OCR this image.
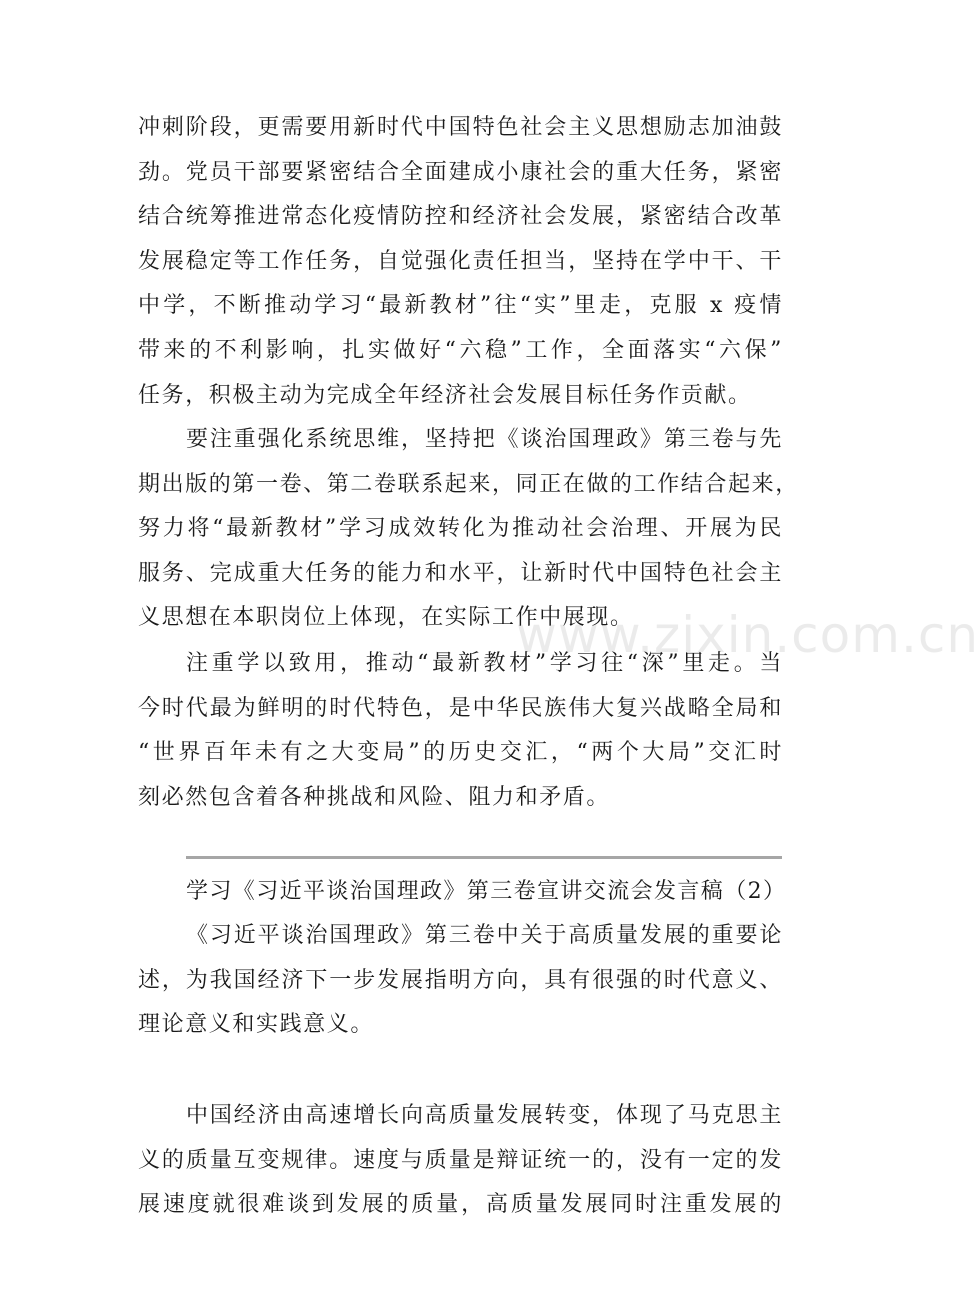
冲刺阶段，更需要用新时代中国特色社会主义思想励志加油鼓
劲。党员干部要紧密结合全面建成小康社会的重大任务，紧密
结合统筹推进常态化疫情防控和经济社会发展，紧密结合改革
发展稳定等工作任务，自觉强化责任担当，坚持在学中干、干
中学，不断推动学习“最新教材”往“实”里走，克服 x 疫情
带来的不利影响，扎实做好“六稳”工作，全面落实“六保”
任务，积极主动为完成全年经济社会发展目标任务作贡献。
要注重强化系统思维，坚持把《谈治国理政》第三卷与先
期出版的第一卷、第二卷联系起来，同正在做的工作结合起来，
努力将“最新教材”学习成效转化为推动社会治理、开展为民
服务、完成重大任务的能力和水平，让新时代中国特色社会主
义思想在本职岗位上体现，在实际工作中展现。
注重学以致用，推动“最新教材”学习往“深”里走。当
今时代最为鲜明的时代特色，是中华民族伟大复兴战略全局和
“世界百年未有之大变局”的历史交汇，“两个大局”交汇时
刻必然包含着各种挑战和风险、阻力和矛盾。
学习《习近平谈治国理政》第三卷宣讲交流会发言稿（2）
《习近平谈治国理政》第三卷中关于高质量发展的重要论
述，为我国经济下一步发展指明方向，具有很强的时代意义、
理论意义和实践意义。
中国经济由高速增长向高质量发展转变，体现了马克思主
义的质量互变规律。速度与质量是辩证统一的，没有一定的发
展速度就很难谈到发展的质量，高质量发展同时注重发展的
www.zixin.com.cn
